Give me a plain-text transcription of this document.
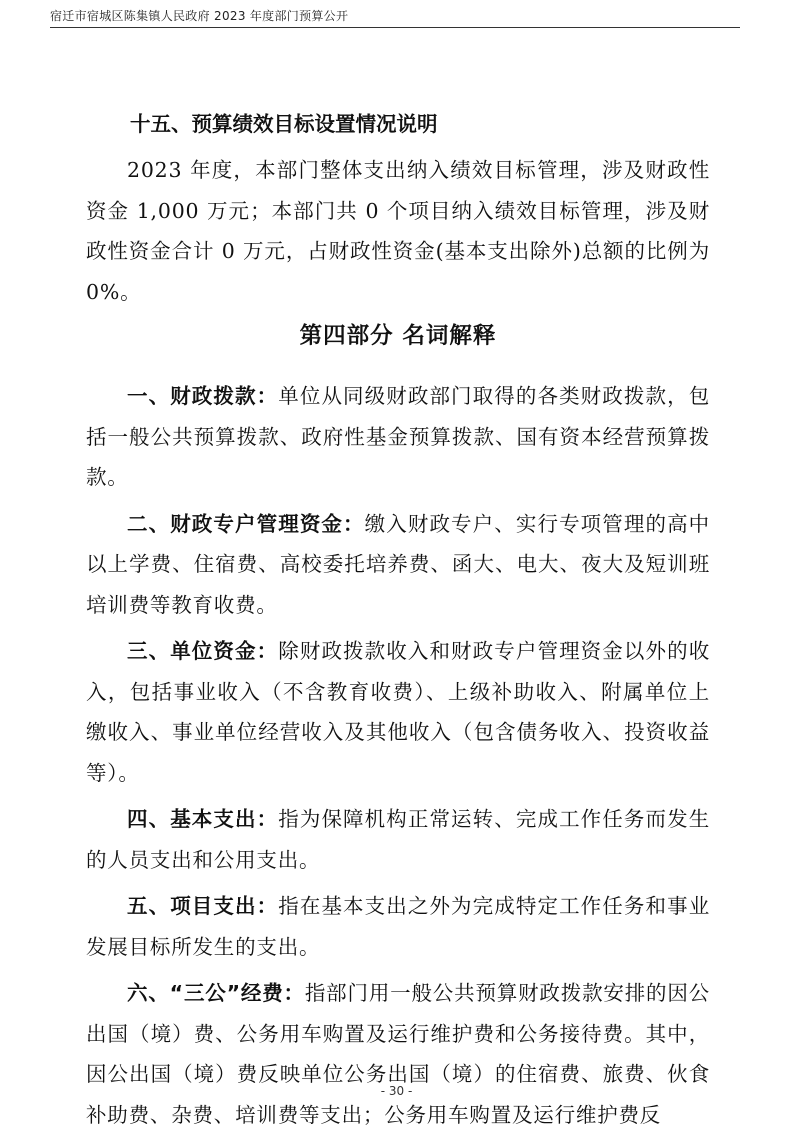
宿迁市宿城区陈集镇人民政府 2023 年度部门预算公开
十五、预算绩效目标设置情况说明

2023 年度，本部门整体支出纳入绩效目标管理，涉及财政性资金 1,000 万元；本部门共 0 个项目纳入绩效目标管理，涉及财政性资金合计 0 万元，占财政性资金(基本支出除外)总额的比例为 0%。

第四部分 名词解释

一、财政拨款：单位从同级财政部门取得的各类财政拨款，包括一般公共预算拨款、政府性基金预算拨款、国有资本经营预算拨款。

二、财政专户管理资金：缴入财政专户、实行专项管理的高中以上学费、住宿费、高校委托培养费、函大、电大、夜大及短训班培训费等教育收费。

三、单位资金：除财政拨款收入和财政专户管理资金以外的收入，包括事业收入（不含教育收费）、上级补助收入、附属单位上缴收入、事业单位经营收入及其他收入（包含债务收入、投资收益等）。

四、基本支出：指为保障机构正常运转、完成工作任务而发生的人员支出和公用支出。

五、项目支出：指在基本支出之外为完成特定工作任务和事业发展目标所发生的支出。

六、“三公”经费：指部门用一般公共预算财政拨款安排的因公出国（境）费、公务用车购置及运行维护费和公务接待费。其中，因公出国（境）费反映单位公务出国（境）的住宿费、旅费、伙食补助费、杂费、培训费等支出；公务用车购置及运行维护费反

- 30 -
